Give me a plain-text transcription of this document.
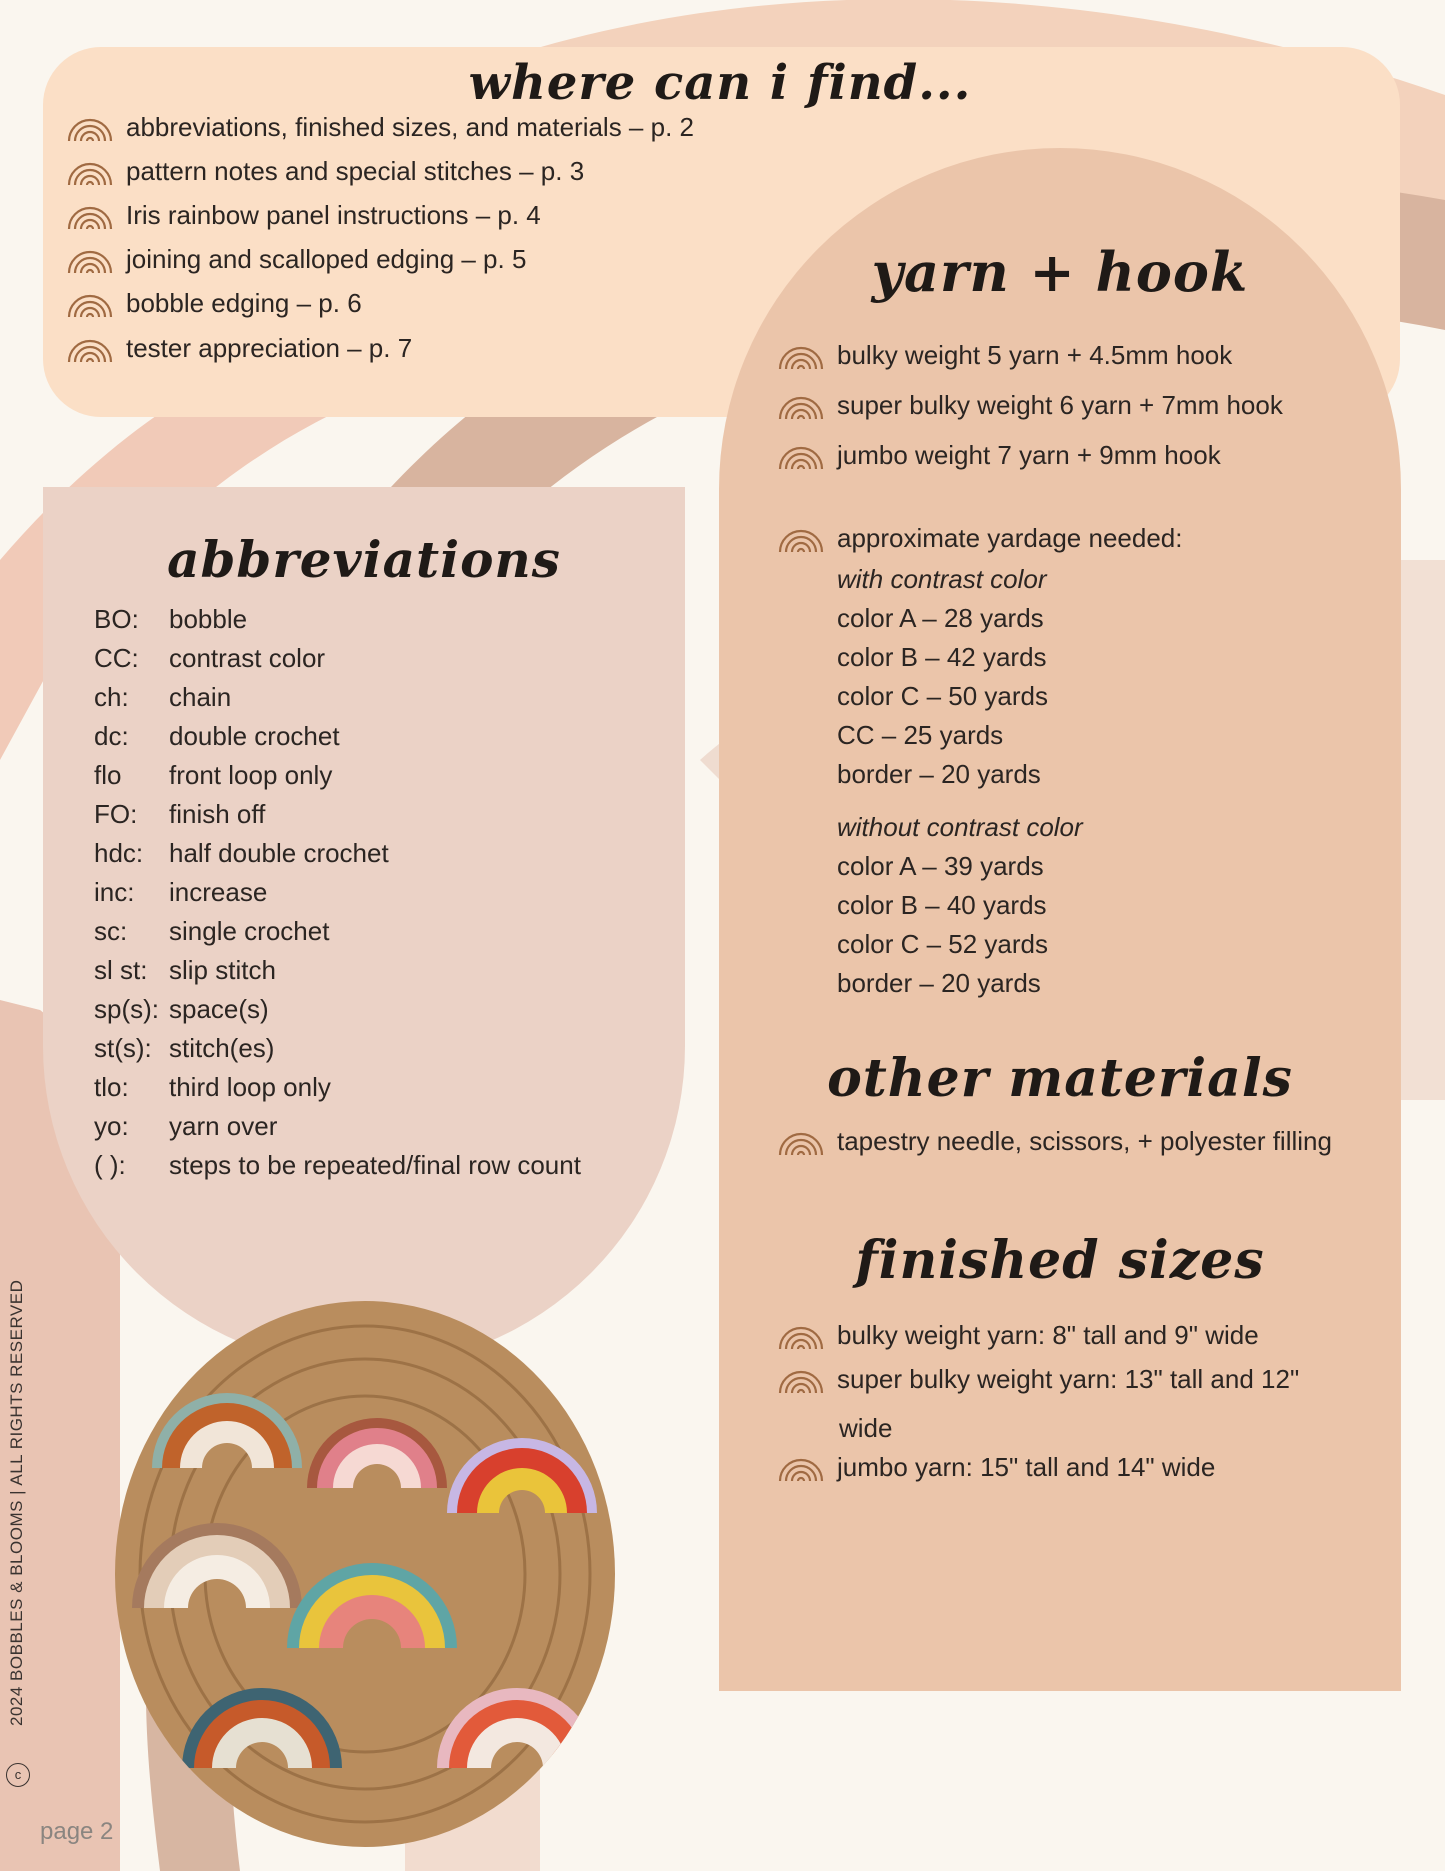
where can i find...
abbreviations, finished sizes, and materials – p. 2
pattern notes and special stitches – p. 3
Iris rainbow panel instructions – p. 4
joining and scalloped edging – p. 5
bobble edging – p. 6
tester appreciation – p. 7
yarn + hook
bulky weight 5 yarn + 4.5mm hook
super bulky weight 6 yarn + 7mm hook
jumbo weight 7 yarn + 9mm hook
approximate yardage needed:
with contrast color
color A – 28 yards
color B – 42 yards
color C – 50 yards
CC – 25 yards
border – 20 yards
without contrast color
color A – 39 yards
color B – 40 yards
color C – 52 yards
border – 20 yards
other materials
tapestry needle, scissors, + polyester filling
finished sizes
bulky weight yarn: 8" tall and 9" wide
super bulky weight yarn: 13" tall and 12"
jumbo yarn: 15" tall and 14" wide
wide
abbreviations
BO: bobble
CC: contrast color
ch: chain
dc: double crochet
flo front loop only
FO: finish off
hdc: half double crochet
inc: increase
sc: single crochet
sl st: slip stitch
sp(s): space(s)
st(s): stitch(es)
tlo: third loop only
yo: yarn over
( ): steps to be repeated/final row count
2024 BOBBLES & BLOOMS | ALL RIGHTS RESERVED
c
page 2
